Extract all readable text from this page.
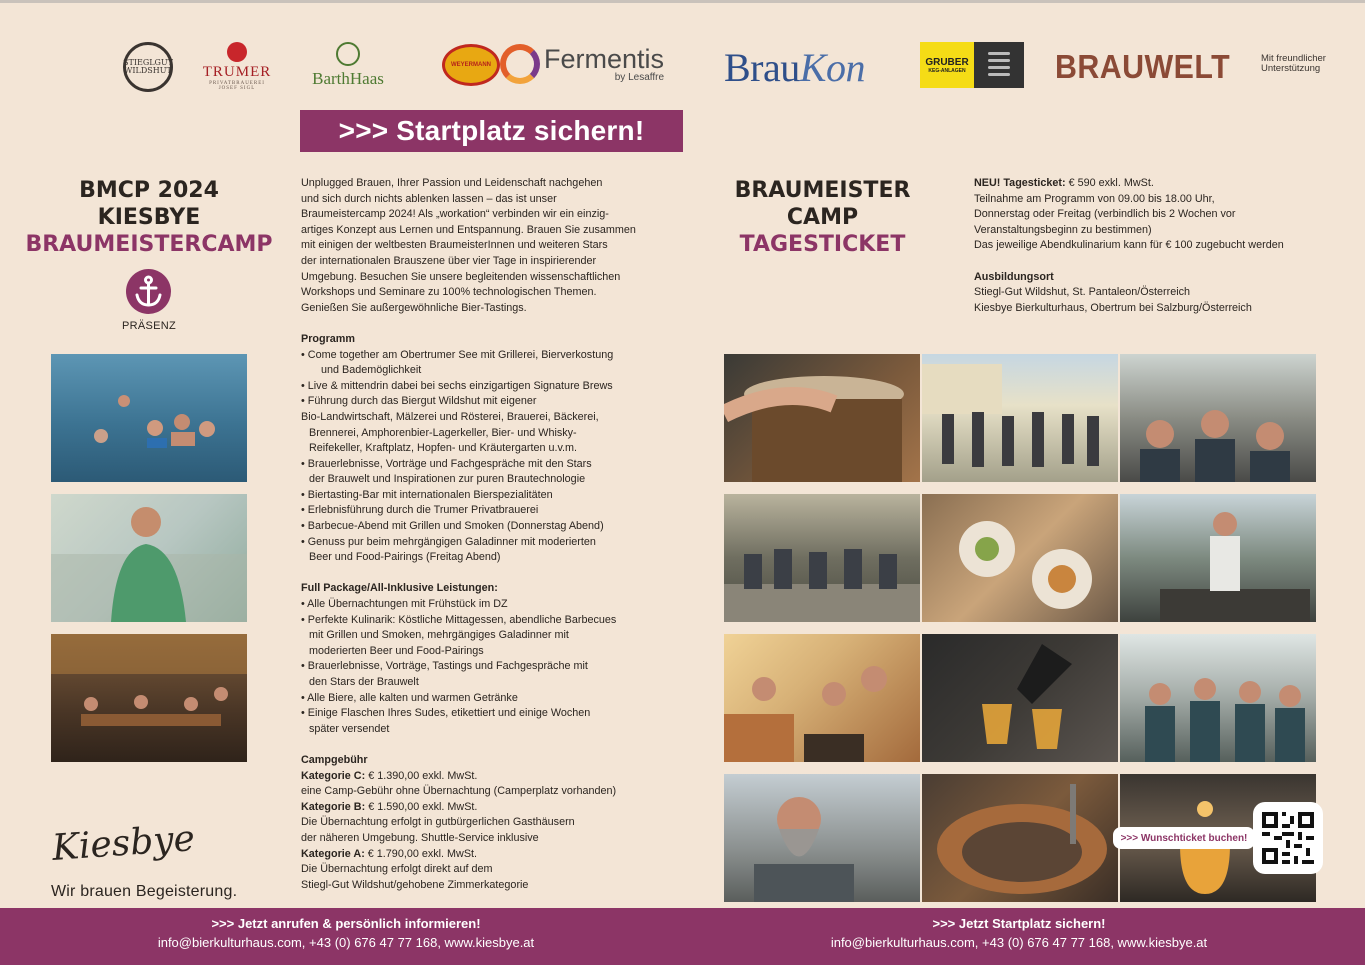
STIEGLGUT WILDSHUT TRUMER
PRIVATBRAUEREI JOSEF SIGL
BarthHaas
WEYERMANN Fermentis
by Lesaffre BrauKon	GRUBER
KEG-ANLAGEN	BRAUWELT	Mit freundlicher
Unterstützung
>>> Startplatz sichern!
BMCP 2024
KIESBYE
BRAUMEISTERCAMP
PRÄSENZ
BRAUMEISTER
CAMP
TAGESTICKET

Unplugged Brauen, Ihrer Passion und Leidenschaft nachgehen

und sich durch nichts ablenken lassen – das ist unser

Braumeistercamp 2024! Als „workation“ verbinden wir ein einzig-

artiges Konzept aus Lernen und Entspannung. Brauen Sie zusammen

mit einigen der weltbesten BraumeisterInnen und weiteren Stars

der internationalen Brauszene über vier Tage in inspirierender

Umgebung. Besuchen Sie unsere begleitenden wissenschaftlichen

Workshops und Seminare zu 100% technologischen Themen.

Genießen Sie außergewöhnliche Bier-Tastings.

Programm

• Come together am Obertrumer See mit Grillerei, Bierverkostung

und Bademöglichkeit

• Live & mittendrin dabei bei sechs einzigartigen Signature Brews

• Führung durch das Biergut Wildshut mit eigener

Bio-Landwirtschaft, Mälzerei und Rösterei, Brauerei, Bäckerei,

Brennerei, Amphorenbier-Lagerkeller, Bier- und Whisky-

Reifekeller, Kraftplatz, Hopfen- und Kräutergarten u.v.m.

• Brauerlebnisse, Vorträge und Fachgespräche mit den Stars

der Brauwelt und Inspirationen zur puren Brautechnologie

• Biertasting-Bar mit internationalen Bierspezialitäten

• Erlebnisführung durch die Trumer Privatbrauerei

• Barbecue-Abend mit Grillen und Smoken (Donnerstag Abend)

• Genuss pur beim mehrgängigen Galadinner mit moderierten

Beer und Food-Pairings (Freitag Abend)

Full Package/All-Inklusive Leistungen:

• Alle Übernachtungen mit Frühstück im DZ

• Perfekte Kulinarik: Köstliche Mittagessen, abendliche Barbecues

mit Grillen und Smoken, mehrgängiges Galadinner mit

moderierten Beer und Food-Pairings

• Brauerlebnisse, Vorträge, Tastings und Fachgespräche mit

den Stars der Brauwelt

• Alle Biere, alle kalten und warmen Getränke

• Einige Flaschen Ihres Sudes, etikettiert und einige Wochen

später versendet

Campgebühr

Kategorie C: € 1.390,00 exkl. MwSt.

eine Camp-Gebühr ohne Übernachtung (Camperplatz vorhanden)

Kategorie B: € 1.590,00 exkl. MwSt.

Die Übernachtung erfolgt in gutbürgerlichen Gasthäusern

der näheren Umgebung. Shuttle-Service inklusive

Kategorie A: € 1.790,00 exkl. MwSt.

Die Übernachtung erfolgt direkt auf dem

Stiegl-Gut Wildshut/gehobene Zimmerkategorie

NEU! Tagesticket: € 590 exkl. MwSt.

Teilnahme am Programm von 09.00 bis 18.00 Uhr,

Donnerstag oder Freitag (verbindlich bis 2 Wochen vor

Veranstaltungsbeginn zu bestimmen)

Das jeweilige Abendkulinarium kann für € 100 zugebucht werden

Ausbildungsort

Stiegl-Gut Wildshut, St. Pantaleon/Österreich

Kiesbye Bierkulturhaus, Obertrum bei Salzburg/Österreich

>>> Wunschticket buchen!
Kiesbye
Wir brauen Begeisterung.
>>> Jetzt anrufen & persönlich informieren!
info@bierkulturhaus.com, +43 (0) 676 47 77 168, www.kiesbye.at
>>> Jetzt Startplatz sichern!
info@bierkulturhaus.com, +43 (0) 676 47 77 168, www.kiesbye.at
